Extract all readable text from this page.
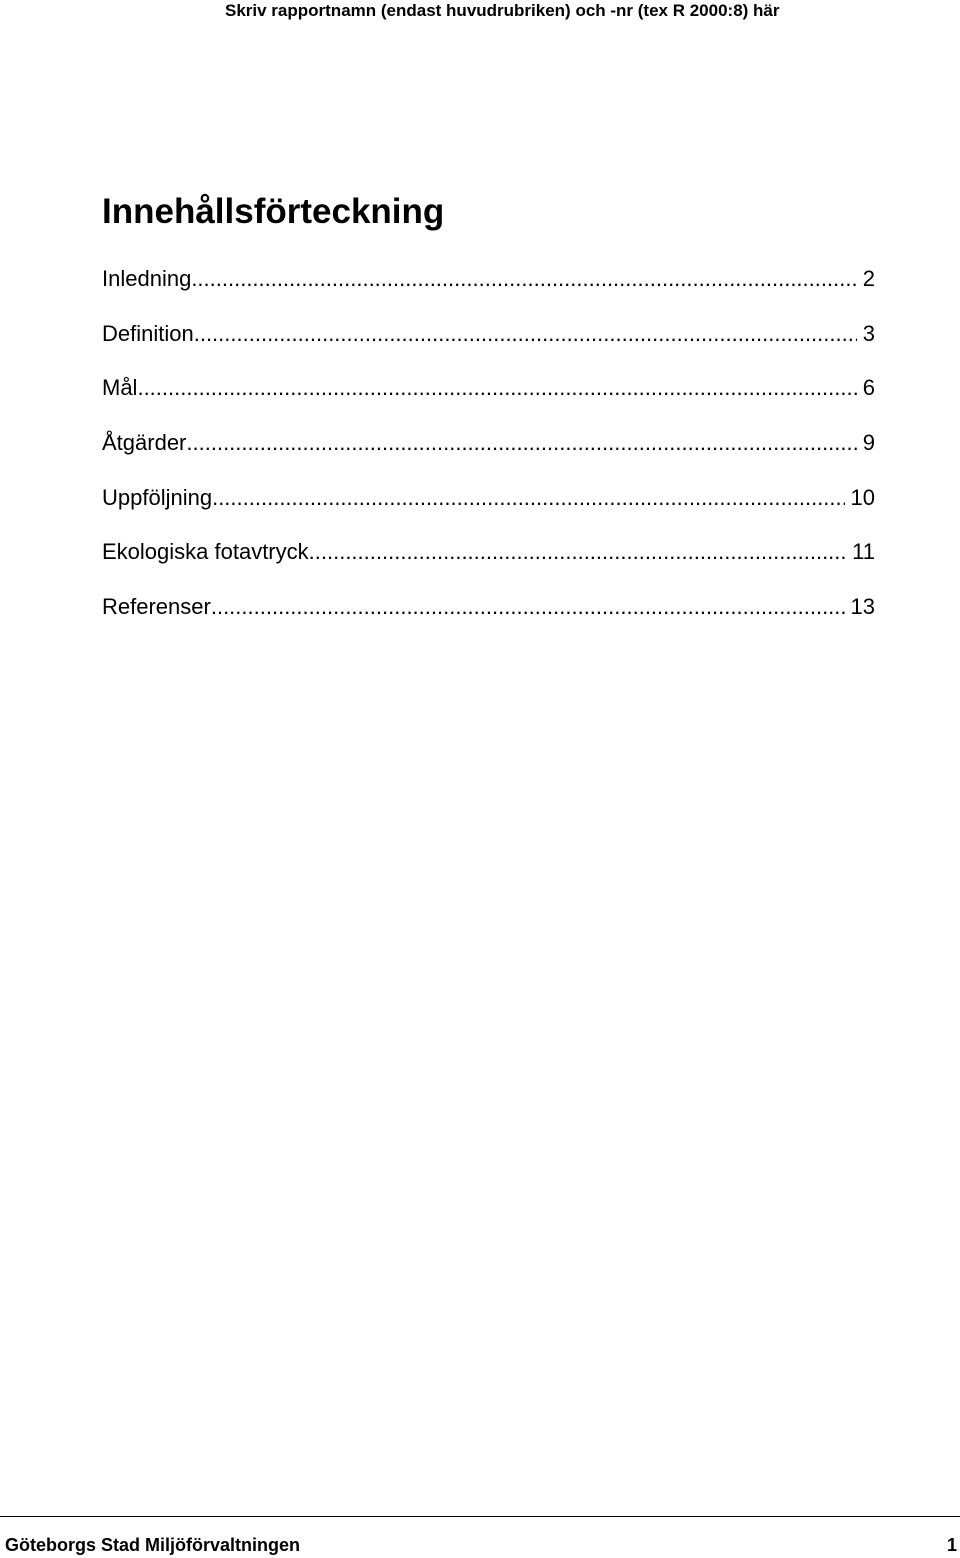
Skriv rapportnamn (endast huvudrubriken) och -nr (tex R 2000:8) här
Innehållsförteckning
Inledning .....	2
Definition .....	3
Mål .....	6
Åtgärder .....	9
Uppföljning .....	10
Ekologiska fotavtryck .....	11
Referenser .....	13
Göteborgs Stad Miljöförvaltningen	1
